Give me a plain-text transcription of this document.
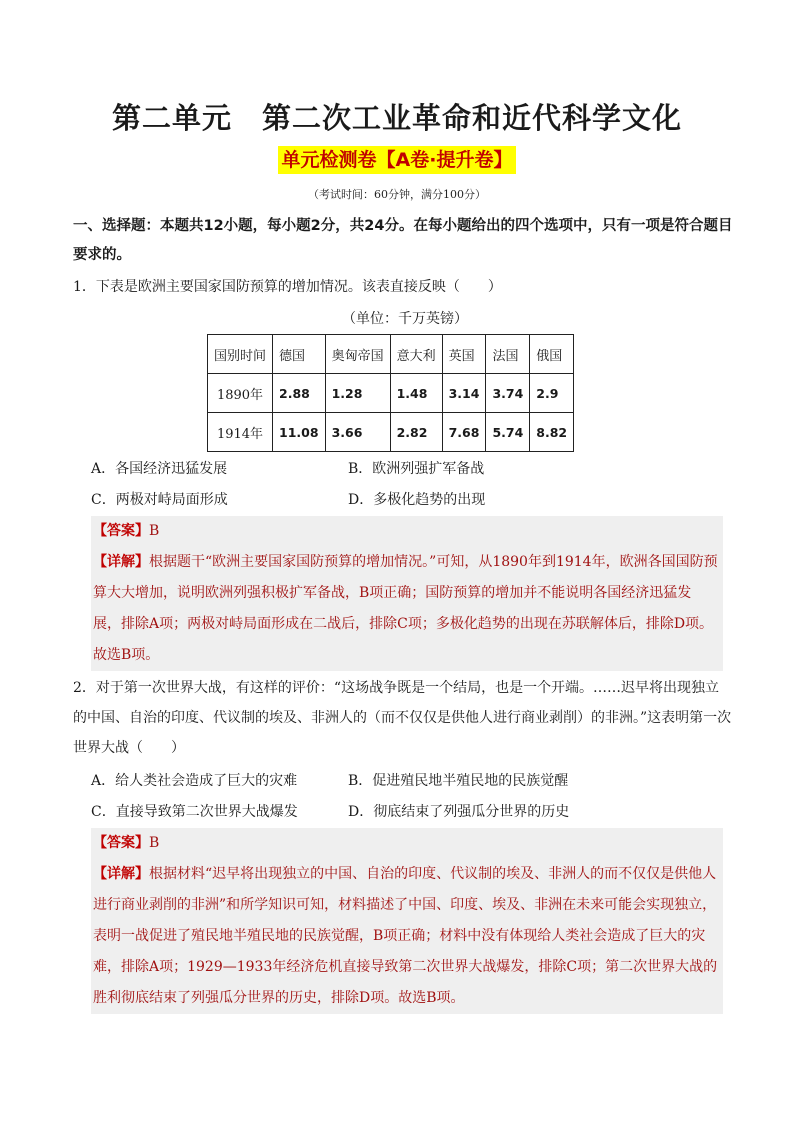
第二单元　第二次工业革命和近代科学文化
单元检测卷【A卷·提升卷】
（考试时间：60分钟，满分100分）
一、选择题：本题共12小题，每小题2分，共24分。在每小题给出的四个选项中，只有一项是符合题目要求的。
1．下表是欧洲主要国家国防预算的增加情况。该表直接反映（　　）
（单位：千万英镑）
国别时间	德国	奥匈帝国	意大利	英国	法国	俄国
1890年	2.88	1.28	1.48	3.14	3.74	2.9
1914年	11.08	3.66	2.82	7.68	5.74	8.82
A．各国经济迅猛发展	B．欧洲列强扩军备战
C．两极对峙局面形成	D．多极化趋势的出现
【答案】B
【详解】根据题干“欧洲主要国家国防预算的增加情况。”可知，从1890年到1914年，欧洲各国国防预算大大增加，说明欧洲列强积极扩军备战，B项正确；国防预算的增加并不能说明各国经济迅猛发展，排除A项；两极对峙局面形成在二战后，排除C项；多极化趋势的出现在苏联解体后，排除D项。故选B项。
2．对于第一次世界大战，有这样的评价：“这场战争既是一个结局，也是一个开端。……迟早将出现独立的中国、自治的印度、代议制的埃及、非洲人的（而不仅仅是供他人进行商业剥削）的非洲。”这表明第一次世界大战（　　）
A．给人类社会造成了巨大的灾难	B．促进殖民地半殖民地的民族觉醒
C．直接导致第二次世界大战爆发	D．彻底结束了列强瓜分世界的历史
【答案】B
【详解】根据材料“迟早将出现独立的中国、自治的印度、代议制的埃及、非洲人的而不仅仅是供他人进行商业剥削的非洲”和所学知识可知，材料描述了中国、印度、埃及、非洲在未来可能会实现独立，表明一战促进了殖民地半殖民地的民族觉醒，B项正确；材料中没有体现给人类社会造成了巨大的灾难，排除A项；1929—1933年经济危机直接导致第二次世界大战爆发，排除C项；第二次世界大战的胜利彻底结束了列强瓜分世界的历史，排除D项。故选B项。
